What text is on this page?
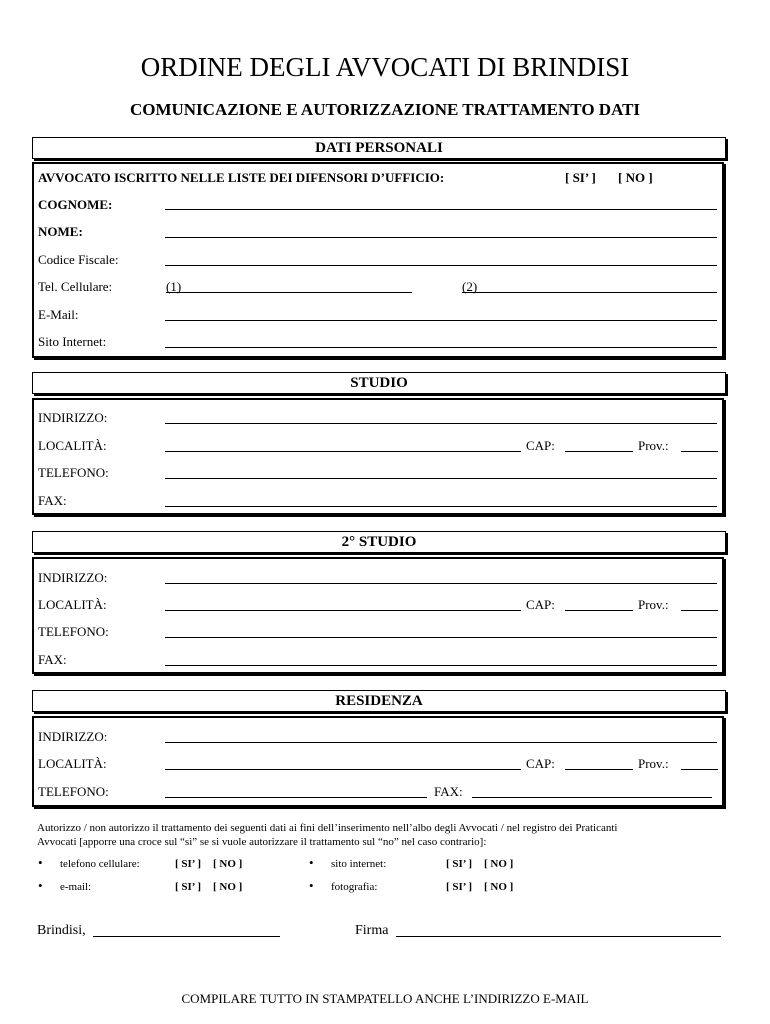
ORDINE DEGLI AVVOCATI DI BRINDISI
COMUNICAZIONE E AUTORIZZAZIONE TRATTAMENTO DATI
DATI PERSONALI
AVVOCATO ISCRITTO NELLE LISTE DEI DIFENSORI D’UFFICIO:	[ SI’ ] [ NO ]
COGNOME:
NOME:
Codice Fiscale:
Tel. Cellulare:	(1)	(2)
E-Mail:
Sito Internet:
STUDIO
INDIRIZZO:
LOCALITÀ:	CAP:	Prov.:
TELEFONO:
FAX:
2° STUDIO
INDIRIZZO:
LOCALITÀ:	CAP:	Prov.:
TELEFONO:
FAX:
RESIDENZA
INDIRIZZO:
LOCALITÀ:	CAP:	Prov.:
TELEFONO:	FAX:
Autorizzo / non autorizzo il trattamento dei seguenti dati ai fini dell’inserimento nell’albo degli Avvocati / nel registro dei Praticanti
Avvocati [apporre una croce sul “sì” se si vuole autorizzare il trattamento sul “no” nel caso contrario]:
• telefono cellulare:	[ SI’ ] [ NO ]	• sito internet:	[ SI’ ] [ NO ]
• e-mail:	[ SI’ ] [ NO ]	• fotografia:	[ SI’ ] [ NO ]
Brindisi,	Firma
COMPILARE TUTTO IN STAMPATELLO ANCHE L’INDIRIZZO E-MAIL
